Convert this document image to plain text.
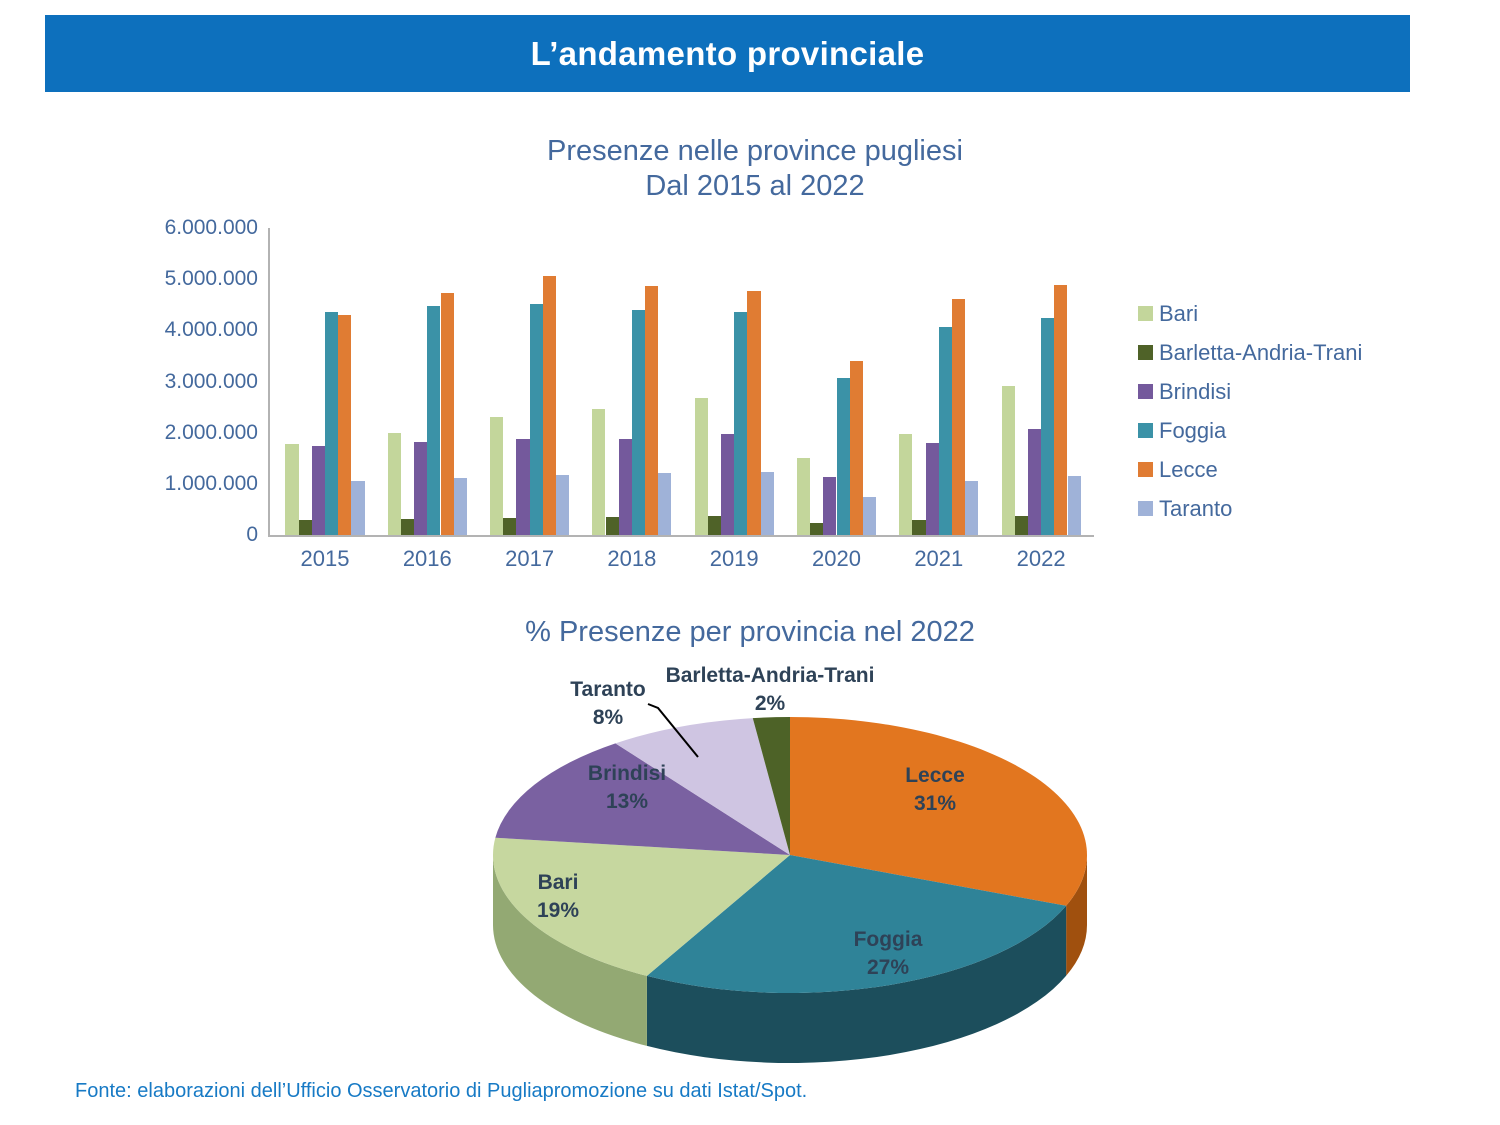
L’andamento provinciale
Presenze nelle province pugliesi
Dal 2015 al 2022
0
1.000.000
2.000.000
3.000.000
4.000.000
5.000.000
6.000.000
2015	2016	2017	2018	2019	2020	2021	2022
Bari
Barletta-Andria-Trani
Brindisi
Foggia
Lecce
Taranto
% Presenze per provincia nel 2022
Lecce
31%
Foggia
27%
Bari
19%
Brindisi
13%
Taranto
8%
Barletta-Andria-Trani
2%
Fonte: elaborazioni dell’Ufficio Osservatorio di Pugliapromozione su dati Istat/Spot.
